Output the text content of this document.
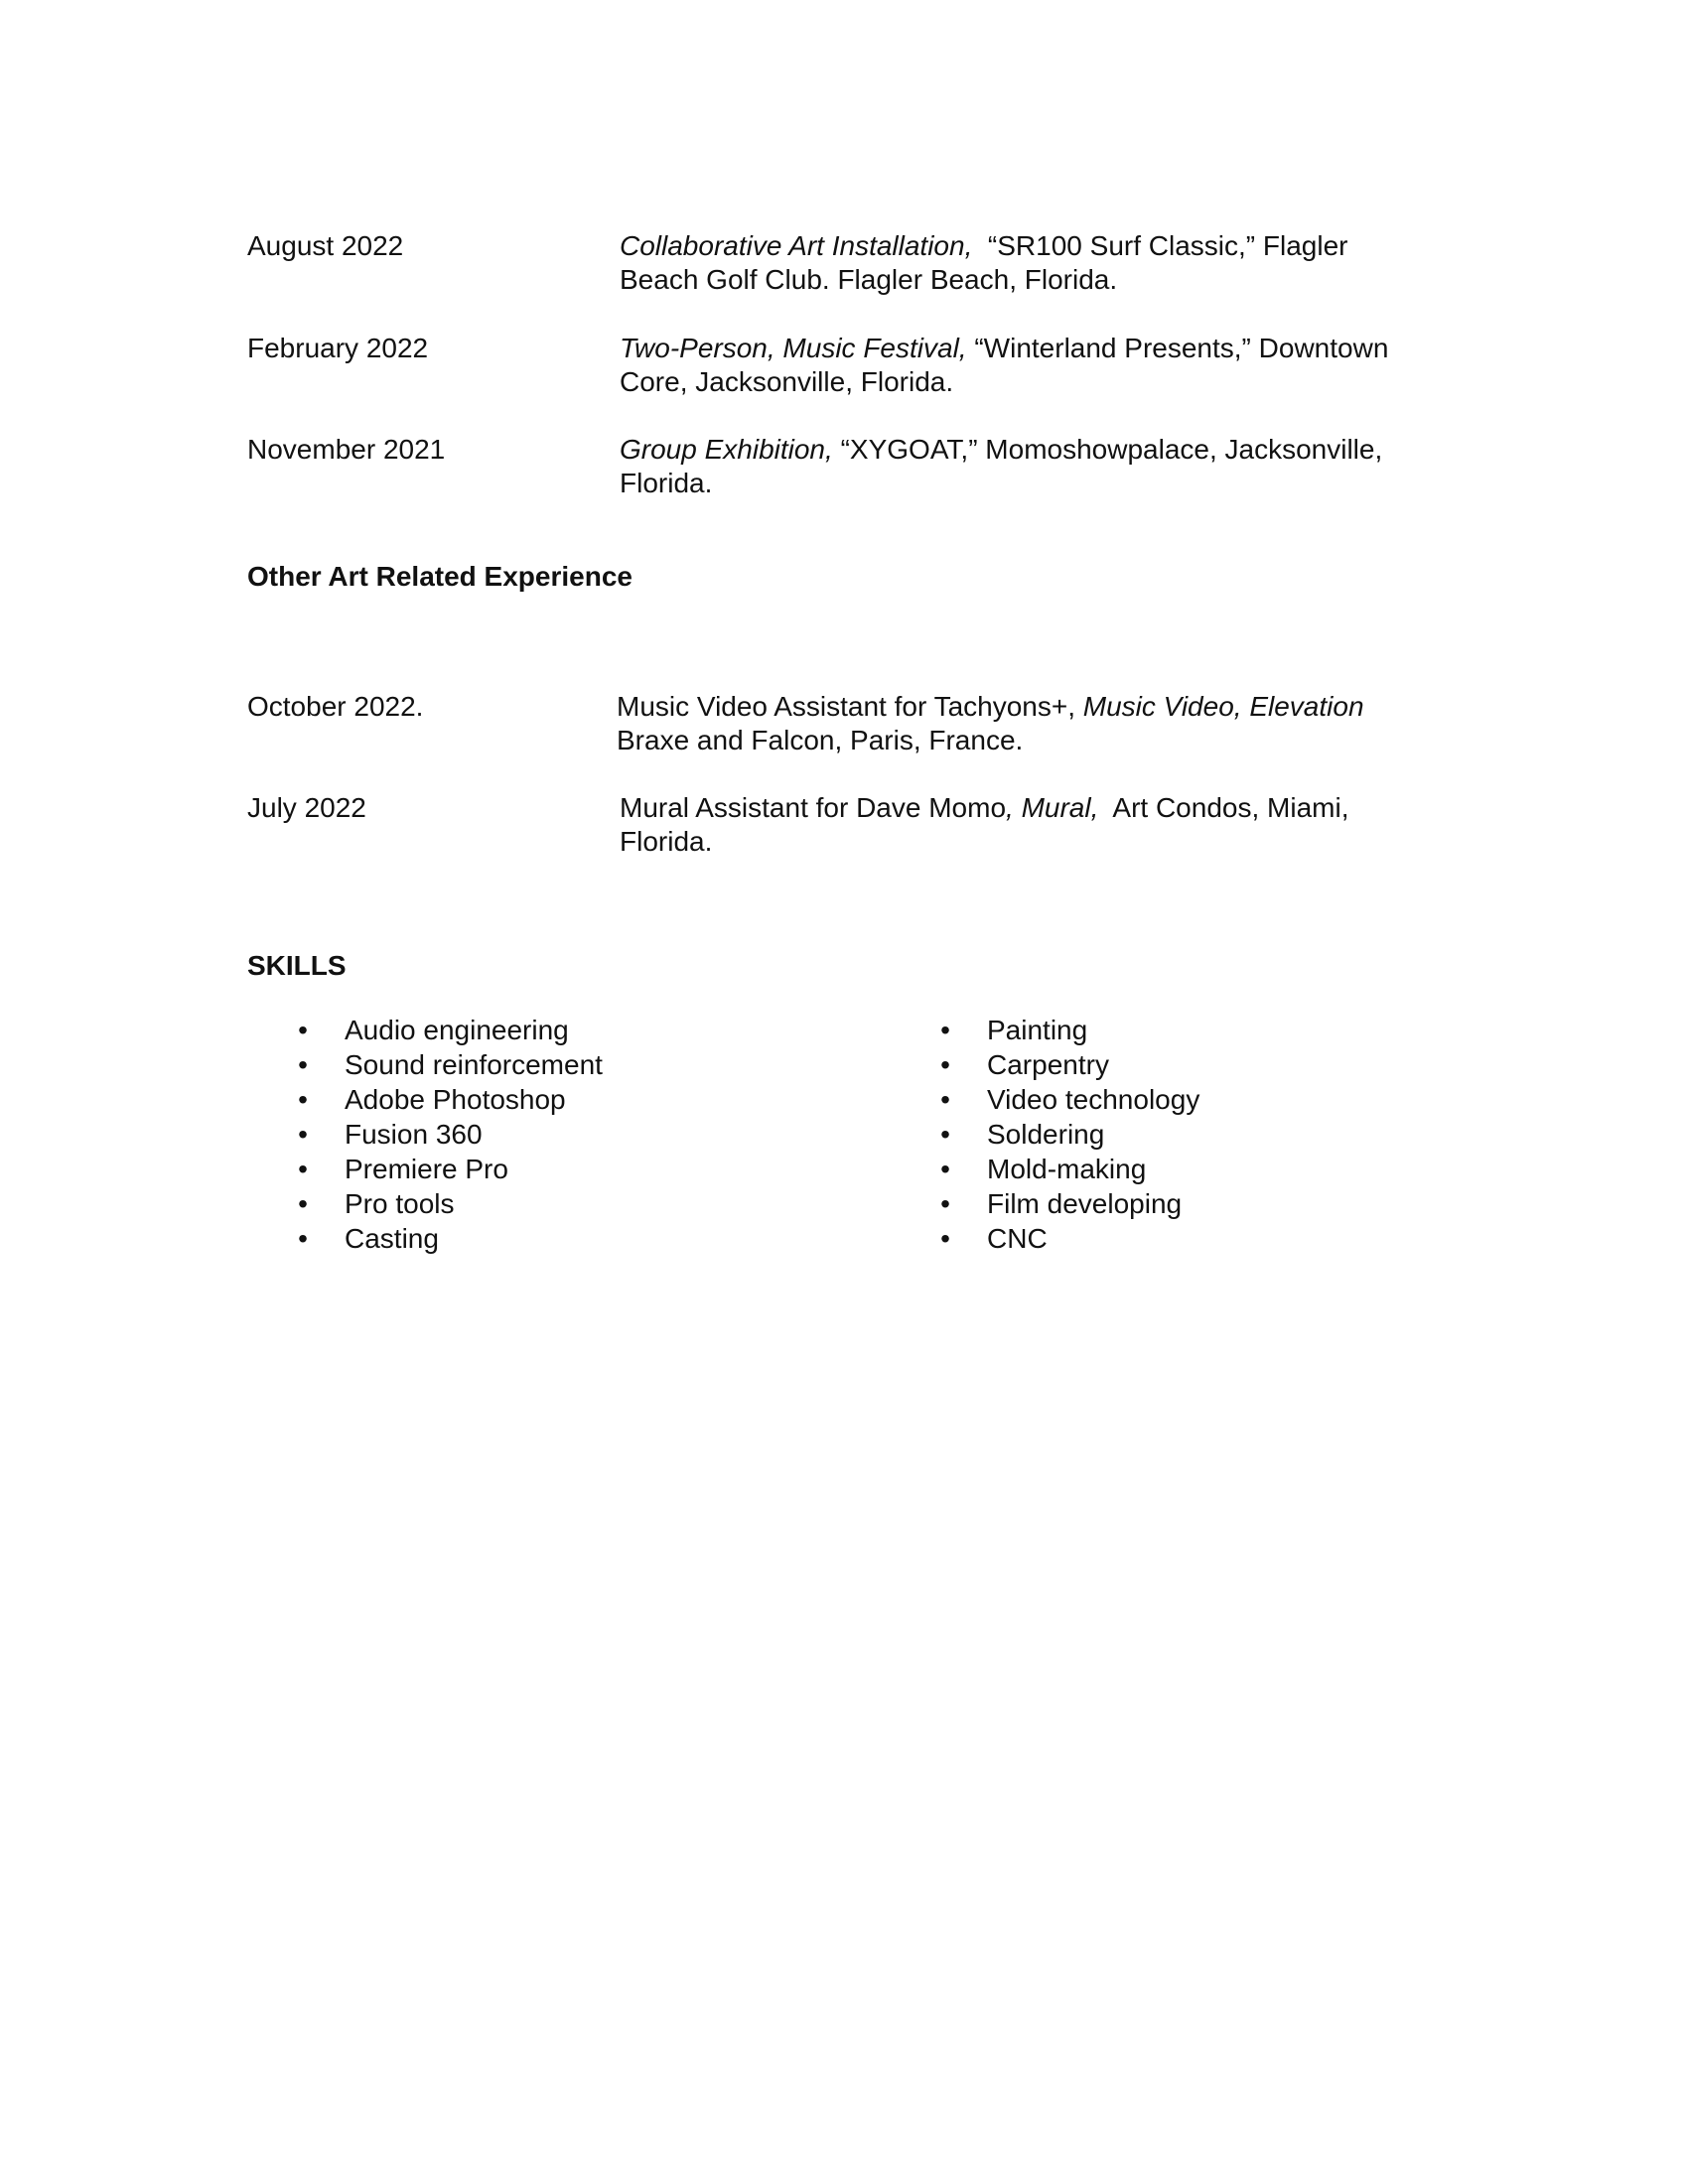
August 2022	Collaborative Art Installation, “SR100 Surf Classic,” Flagler Beach Golf Club. Flagler Beach, Florida.
February 2022	Two-Person, Music Festival, “Winterland Presents,” Downtown Core, Jacksonville, Florida.
November 2021	Group Exhibition, “XYGOAT,” Momoshowpalace, Jacksonville, Florida.
Other Art Related Experience
October 2022.	Music Video Assistant for Tachyons+, Music Video, Elevation Braxe and Falcon, Paris, France.
July 2022	Mural Assistant for Dave Momo, Mural,  Art Condos, Miami, Florida.
SKILLS
• Audio engineering
• Sound reinforcement
• Adobe Photoshop
• Fusion 360
• Premiere Pro
• Pro tools
• Casting
• Painting
• Carpentry
• Video technology
• Soldering
• Mold-making
• Film developing
• CNC
